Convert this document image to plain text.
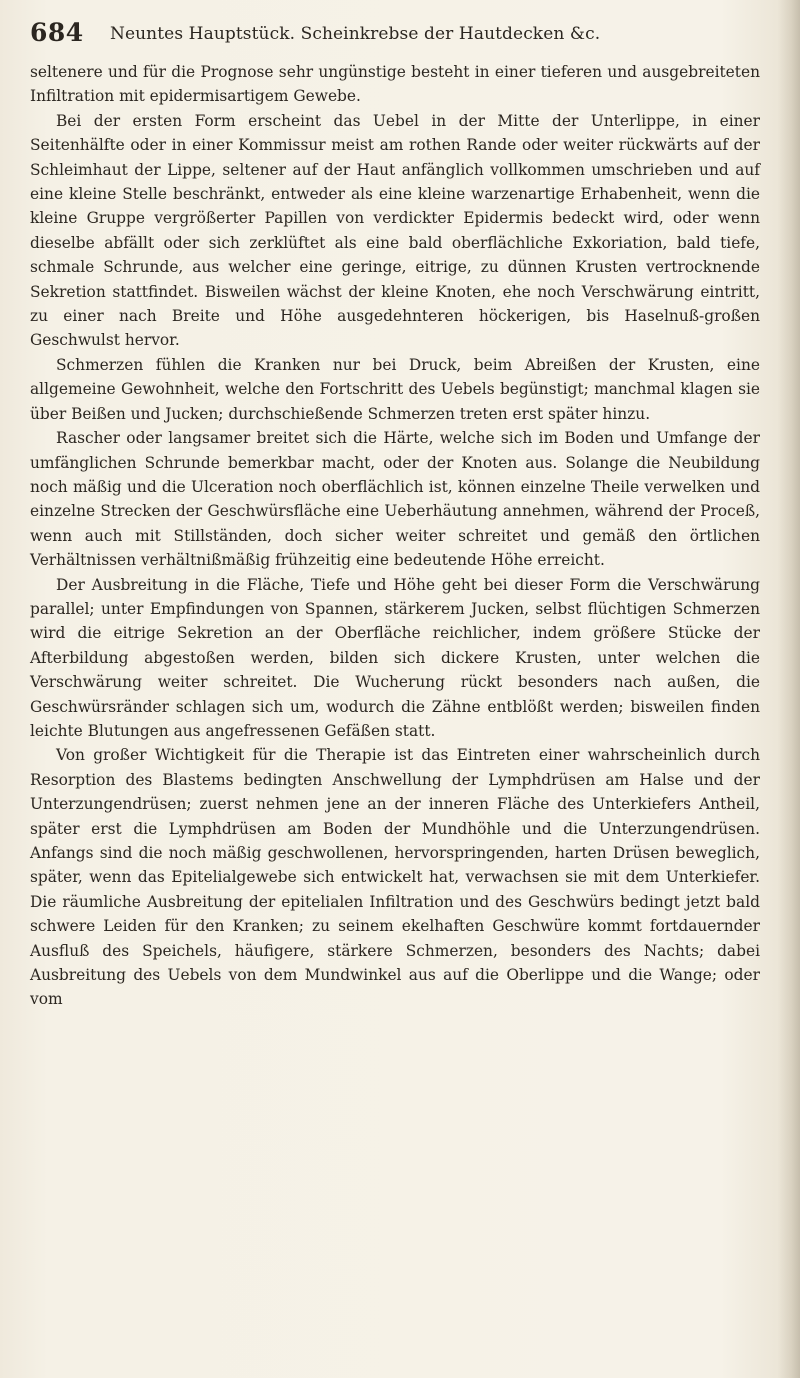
684 Neuntes Hauptstück. Scheinkrebse der Hautdecken &c.

seltenere und für die Prognose sehr ungünstige besteht in einer tieferen und ausgebreiteten Infiltration mit epidermisartigem Gewebe.

Bei der ersten Form erscheint das Uebel in der Mitte der Unterlippe, in einer Seitenhälfte oder in einer Kommissur meist am rothen Rande oder weiter rückwärts auf der Schleimhaut der Lippe, seltener auf der Haut anfänglich vollkommen umschrieben und auf eine kleine Stelle beschränkt, entweder als eine kleine warzenartige Erhabenheit, wenn die kleine Gruppe vergrößerter Papillen von verdickter Epidermis bedeckt wird, oder wenn dieselbe abfällt oder sich zerklüftet als eine bald oberflächliche Exkoriation, bald tiefe, schmale Schrunde, aus welcher eine geringe, eitrige, zu dünnen Krusten vertrocknende Sekretion stattfindet. Bisweilen wächst der kleine Knoten, ehe noch Verschwärung eintritt, zu einer nach Breite und Höhe ausgedehnteren höckerigen, bis Haselnuß-großen Geschwulst hervor.

Schmerzen fühlen die Kranken nur bei Druck, beim Abreißen der Krusten, eine allgemeine Gewohnheit, welche den Fortschritt des Uebels begünstigt; manchmal klagen sie über Beißen und Jucken; durchschießende Schmerzen treten erst später hinzu.

Rascher oder langsamer breitet sich die Härte, welche sich im Boden und Umfange der umfänglichen Schrunde bemerkbar macht, oder der Knoten aus. Solange die Neubildung noch mäßig und die Ulceration noch oberflächlich ist, können einzelne Theile verwelken und einzelne Strecken der Geschwürsfläche eine Ueberhäutung annehmen, während der Proceß, wenn auch mit Stillständen, doch sicher weiter schreitet und gemäß den örtlichen Verhältnissen verhältnißmäßig frühzeitig eine bedeutende Höhe erreicht.

Der Ausbreitung in die Fläche, Tiefe und Höhe geht bei dieser Form die Verschwärung parallel; unter Empfindungen von Spannen, stärkerem Jucken, selbst flüchtigen Schmerzen wird die eitrige Sekretion an der Oberfläche reichlicher, indem größere Stücke der Afterbildung abgestoßen werden, bilden sich dickere Krusten, unter welchen die Verschwärung weiter schreitet. Die Wucherung rückt besonders nach außen, die Geschwürsränder schlagen sich um, wodurch die Zähne entblößt werden; bisweilen finden leichte Blutungen aus angefressenen Gefäßen statt.

Von großer Wichtigkeit für die Therapie ist das Eintreten einer wahrscheinlich durch Resorption des Blastems bedingten Anschwellung der Lymphdrüsen am Halse und der Unterzungendrüsen; zuerst nehmen jene an der inneren Fläche des Unterkiefers Antheil, später erst die Lymphdrüsen am Boden der Mundhöhle und die Unterzungendrüsen. Anfangs sind die noch mäßig geschwollenen, hervorspringenden, harten Drüsen beweglich, später, wenn das Epitelialgewebe sich entwickelt hat, verwachsen sie mit dem Unterkiefer. Die räumliche Ausbreitung der epitelialen Infiltration und des Geschwürs bedingt jetzt bald schwere Leiden für den Kranken; zu seinem ekelhaften Geschwüre kommt fortdauernder Ausfluß des Speichels, häufigere, stärkere Schmerzen, besonders des Nachts; dabei Ausbreitung des Uebels von dem Mundwinkel aus auf die Oberlippe und die Wange; oder vom
